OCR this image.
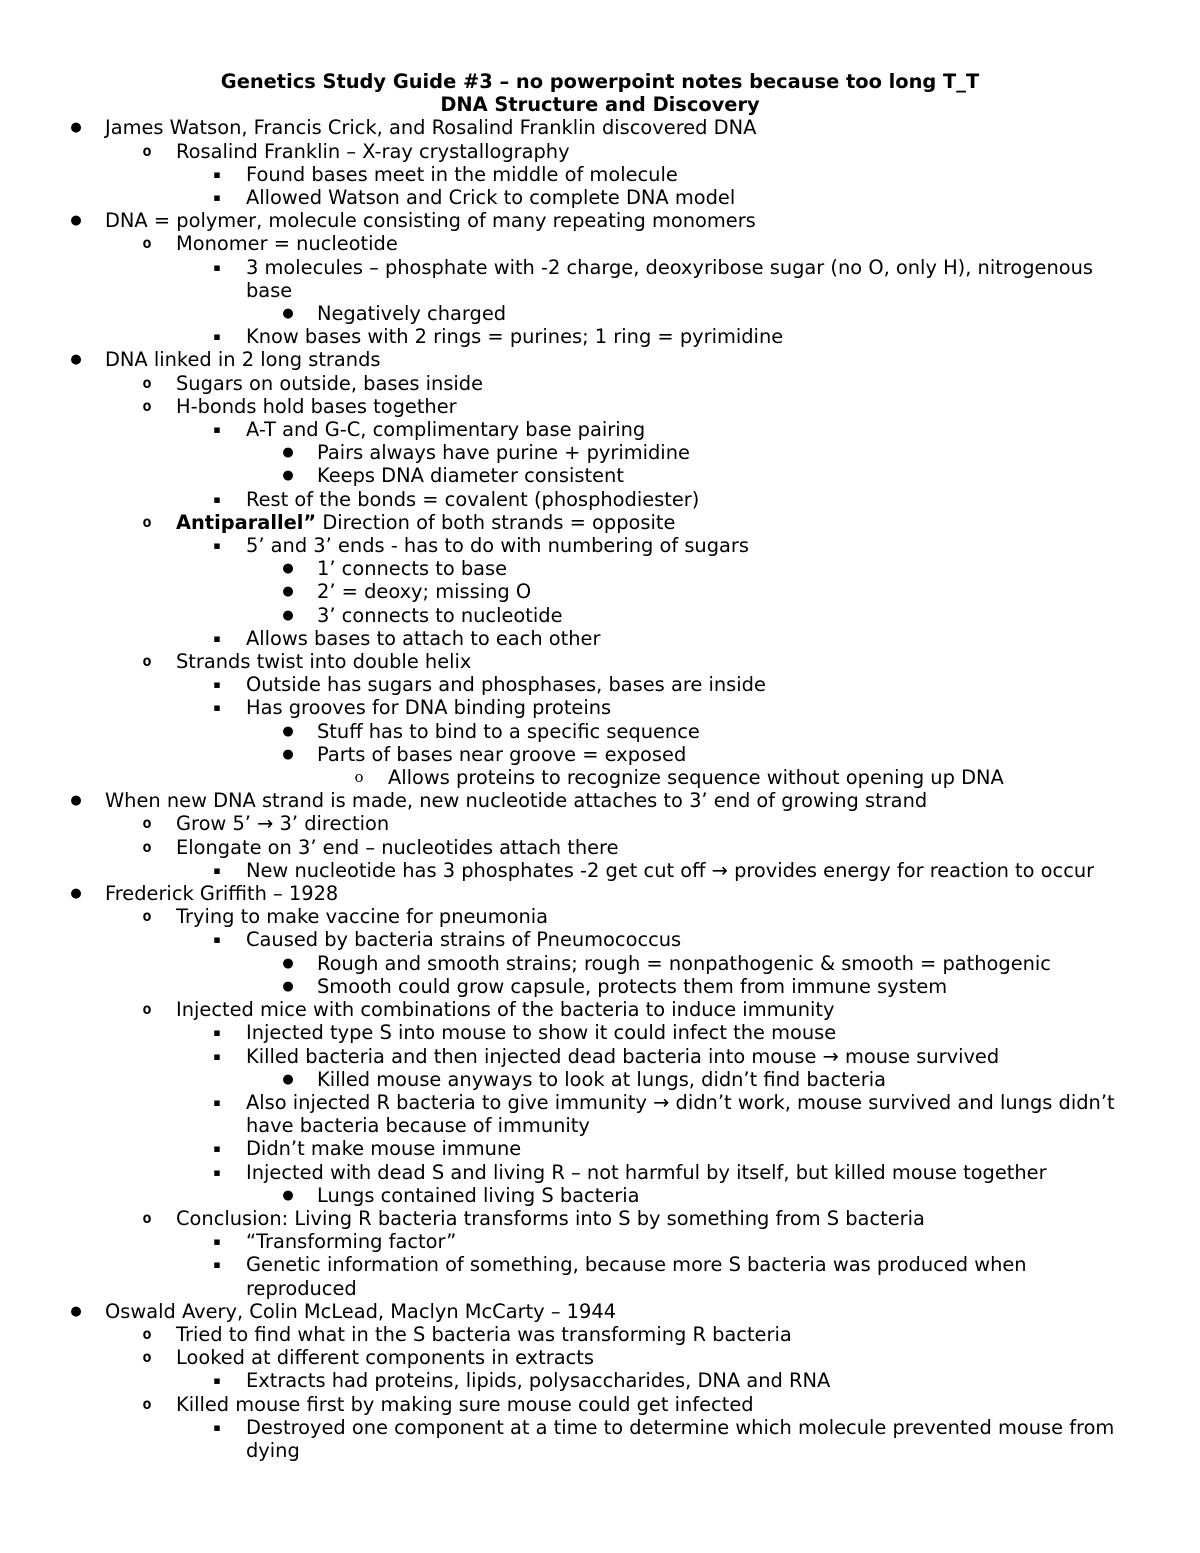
Genetics Study Guide #3 – no powerpoint notes because too long T_T
DNA Structure and Discovery
●	James Watson, Francis Crick, and Rosalind Franklin discovered DNA
o	Rosalind Franklin – X-ray crystallography
▪	Found bases meet in the middle of molecule
▪	Allowed Watson and Crick to complete DNA model
●	DNA = polymer, molecule consisting of many repeating monomers
o	Monomer = nucleotide
▪	3 molecules – phosphate with -2 charge, deoxyribose sugar (no O, only H), nitrogenous base
●	Negatively charged
▪	Know bases with 2 rings = purines; 1 ring = pyrimidine
●	DNA linked in 2 long strands
o	Sugars on outside, bases inside
o	H-bonds hold bases together
▪	A-T and G-C, complimentary base pairing
●	Pairs always have purine + pyrimidine
●	Keeps DNA diameter consistent
▪	Rest of the bonds = covalent (phosphodiester)
o	Antiparallel” Direction of both strands = opposite
▪	5’ and 3’ ends - has to do with numbering of sugars
●	1’ connects to base
●	2’ = deoxy; missing O
●	3’ connects to nucleotide
▪	Allows bases to attach to each other
o	Strands twist into double helix
▪	Outside has sugars and phosphases, bases are inside
▪	Has grooves for DNA binding proteins
●	Stuff has to bind to a specific sequence
●	Parts of bases near groove = exposed
o	Allows proteins to recognize sequence without opening up DNA
●	When new DNA strand is made, new nucleotide attaches to 3’ end of growing strand
o	Grow 5’ → 3’ direction
o	Elongate on 3’ end – nucleotides attach there
▪	New nucleotide has 3 phosphates -2 get cut off → provides energy for reaction to occur
●	Frederick Griffith – 1928
o	Trying to make vaccine for pneumonia
▪	Caused by bacteria strains of Pneumococcus
●	Rough and smooth strains; rough = nonpathogenic & smooth = pathogenic
●	Smooth could grow capsule, protects them from immune system
o	Injected mice with combinations of the bacteria to induce immunity
▪	Injected type S into mouse to show it could infect the mouse
▪	Killed bacteria and then injected dead bacteria into mouse → mouse survived
●	Killed mouse anyways to look at lungs, didn’t find bacteria
▪	Also injected R bacteria to give immunity → didn’t work, mouse survived and lungs didn’t have bacteria because of immunity
▪	Didn’t make mouse immune
▪	Injected with dead S and living R – not harmful by itself, but killed mouse together
●	Lungs contained living S bacteria
o	Conclusion: Living R bacteria transforms into S by something from S bacteria
▪	“Transforming factor”
▪	Genetic information of something, because more S bacteria was produced when reproduced
●	Oswald Avery, Colin McLead, Maclyn McCarty – 1944
o	Tried to find what in the S bacteria was transforming R bacteria
o	Looked at different components in extracts
▪	Extracts had proteins, lipids, polysaccharides, DNA and RNA
o	Killed mouse first by making sure mouse could get infected
▪	Destroyed one component at a time to determine which molecule prevented mouse from dying
